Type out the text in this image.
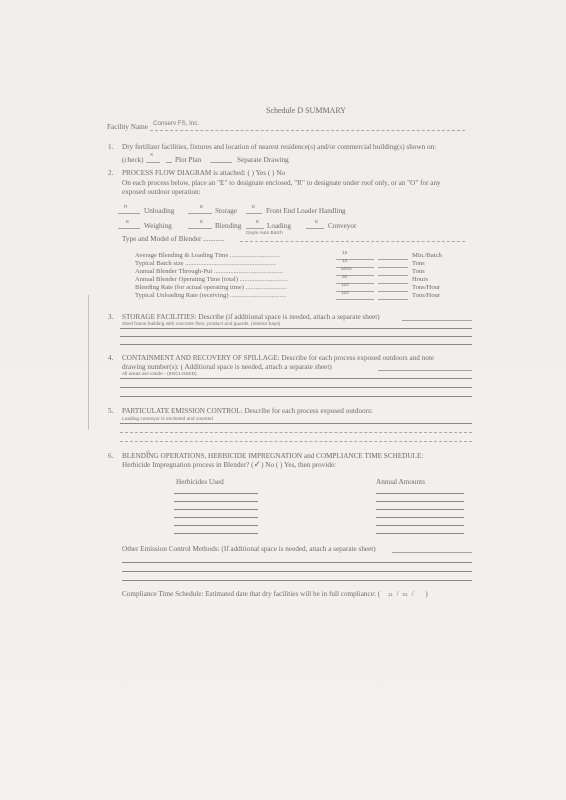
Schedule D SUMMARY
Facility Name Conserv FS, Inc.
1. Dry fertilizer facilities, fixtures and location of nearest residence(s) and/or commercial building(s) shown on:
(check)
X
Plot Plan	Separate Drawing
2. PROCESS FLOW DIAGRAM is attached: ( ) Yes ( ) No
On each process below, place an "E" to designate enclosed, "R" to designate under roof only, or an "O" for any
exposed outdoor operation:
R Unloading	E Storage	E Front End Loader Handling
E Weighing	E Blending	E Loading	E Conveyor
Type and Model of Blender ............
Doyle Auto Batch
Average Blending & Loading Time ..............................	15	Min./Batch
Typical Batch size .......................................................	10	Tons
Annual Blender Through-Put ..........................................	5000	Tons
Annual Blender Operating Time (total) .............................	90	Hours
Blending Rate (for actual operating time) .........................	100	Tons/Hour
Typical Unloading Rate (receiving) ..................................	100	Tons/Hour
3. STORAGE FACILITIES: Describe (if additional space is needed, attach a separate sheet)
Steel frame building with concrete floor, product and guards. (interior bays)
4. CONTAINMENT AND RECOVERY OF SPILLAGE: Describe for each process exposed outdoors and note
drawing number(s): ( Additional space is needed, attach a separate sheet)
All areas are inside - (ENCLOSED)
5. PARTICULATE EMISSION CONTROL: Describe for each process exposed outdoors:
Loading conveyor is enclosed and covered
6. BLENDING OPERATIONS, HERBICIDE IMPREGNATION and COMPLIANCE TIME SCHEDULE:
Herbicide Impregnation process in Blender? (✓) No ( ) Yes, then provide:
Herbicides Used	Annual Amounts
Other Emission Control Methods: (If additional space is needed, attach a separate sheet)
Compliance Time Schedule: Estimated date that dry facilities will be in full compliance: ( 11 / 01 / )
